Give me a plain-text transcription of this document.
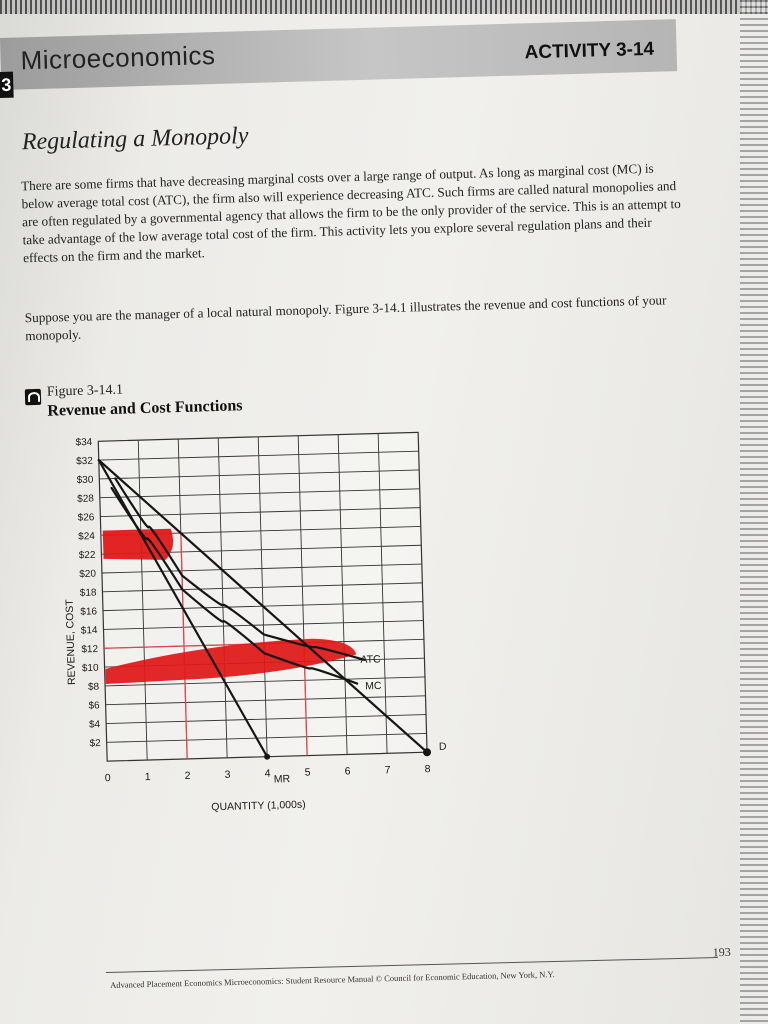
3
Microeconomics	ACTIVITY 3-14
Regulating a Monopoly

There are some firms that have decreasing marginal costs over a large range of output. As long as marginal cost (MC) is below average total cost (ATC), the firm also will experience decreasing ATC. Such firms are called natural monopolies and are often regulated by a governmental agency that allows the firm to be the only provider of the service. This is an attempt to take advantage of the low average total cost of the firm. This activity lets you explore several regulation plans and their effects on the firm and the market.

Suppose you are the manager of a local natural monopoly. Figure 3-14.1 illustrates the revenue and cost functions of your monopoly.

Figure 3-14.1
Revenue and Cost Functions
$2
$4
$6
$8
$10
$12
$14
$16
$18
$20
$22
$24
$26
$28
$30
$32
$34
0	1	2	3	4	5	6	7	8
QUANTITY (1,000s)
REVENUE, COST
D
MR
MC
ATC
193
Advanced Placement Economics Microeconomics: Student Resource Manual © Council for Economic Education, New York, N.Y.
